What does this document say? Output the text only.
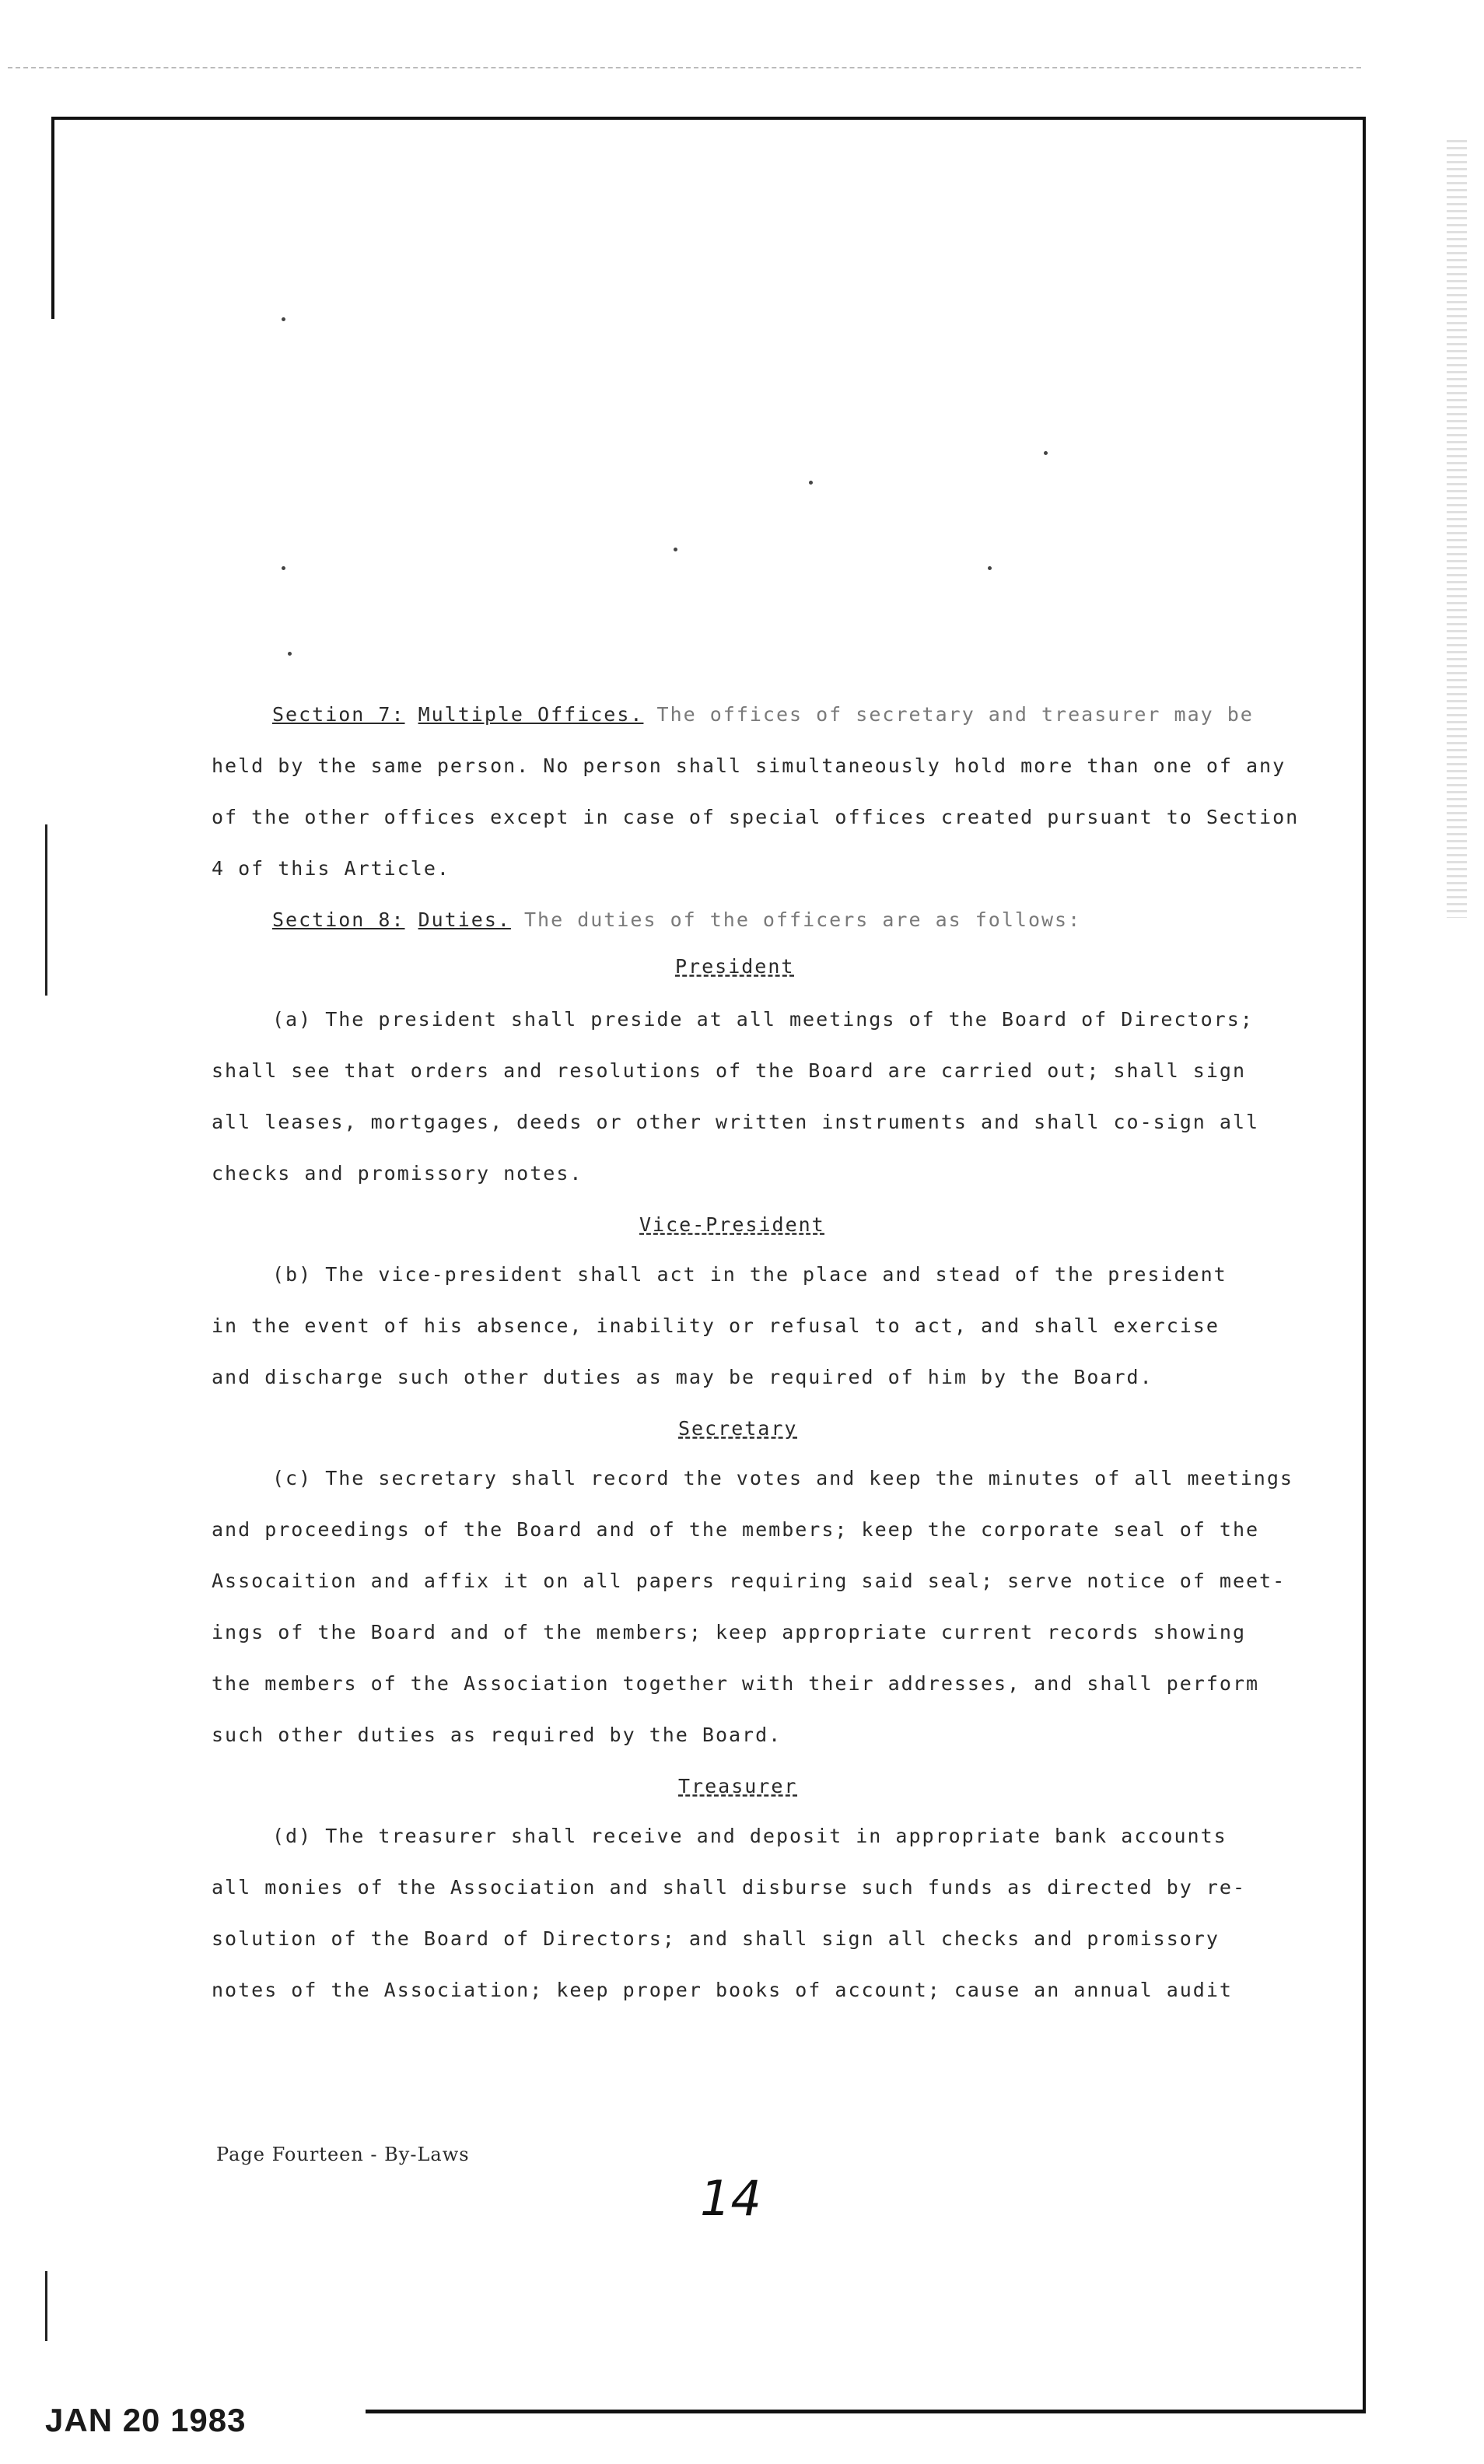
Section 7: Multiple Offices. The offices of secretary and treasurer may be
held by the same person. No person shall simultaneously hold more than one of any
of the other offices except in case of special offices created pursuant to Section
4 of this Article.
Section 8: Duties. The duties of the officers are as follows:
President
(a) The president shall preside at all meetings of the Board of Directors;
shall see that orders and resolutions of the Board are carried out; shall sign
all leases, mortgages, deeds or other written instruments and shall co-sign all
checks and promissory notes.
Vice-President
(b) The vice-president shall act in the place and stead of the president
in the event of his absence, inability or refusal to act, and shall exercise
and discharge such other duties as may be required of him by the Board.
Secretary
(c) The secretary shall record the votes and keep the minutes of all meetings
and proceedings of the Board and of the members; keep the corporate seal of the
Assocaition and affix it on all papers requiring said seal; serve notice of meet-
ings of the Board and of the members; keep appropriate current records showing
the members of the Association together with their addresses, and shall perform
such other duties as required by the Board.
Treasurer
(d) The treasurer shall receive and deposit in appropriate bank accounts
all monies of the Association and shall disburse such funds as directed by re-
solution of the Board of Directors; and shall sign all checks and promissory
notes of the Association; keep proper books of account; cause an annual audit
Page Fourteen - By-Laws
14
JAN 20 1983
